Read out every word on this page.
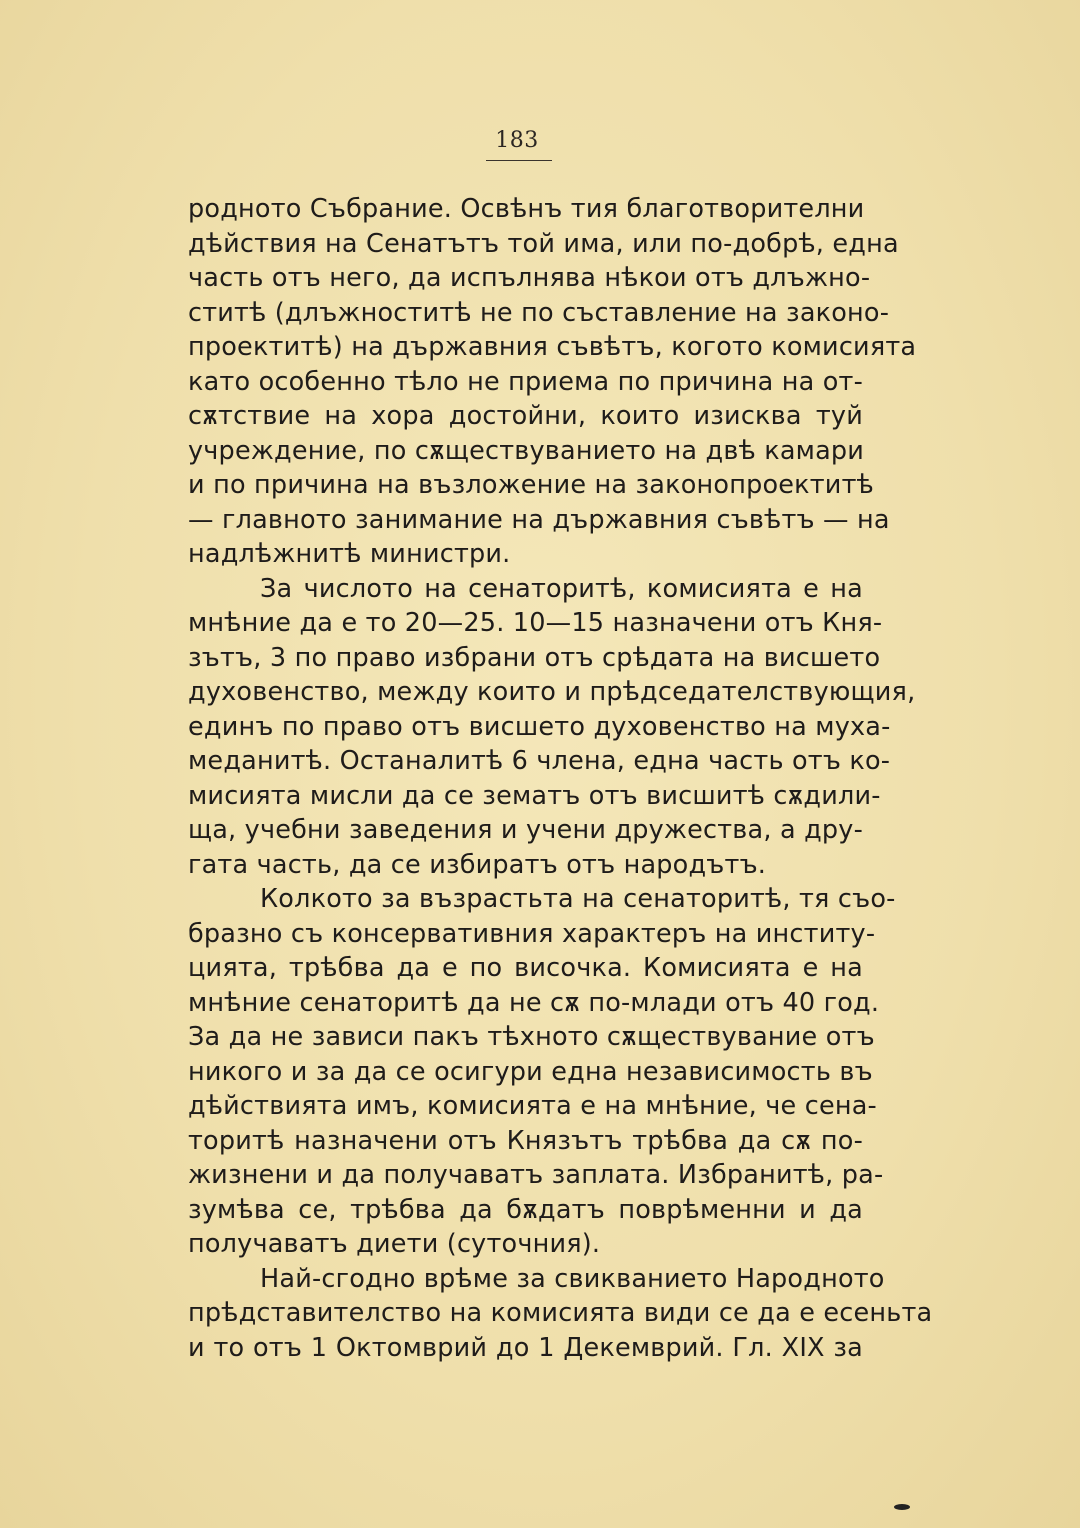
183
родното Събрание. Освѣнъ тия благотворителни
дѣйствия на Сенатътъ той има, или по-добрѣ, една
часть отъ него, да испълнява нѣкои отъ длъжно-
ститѣ (длъжноститѣ не по съставление на законо-
проектитѣ) на държавния съвѣтъ, когото комисията
като особенно тѣло не приема по причина на от-
сѫтствие на хора достойни, които изисква туй
учреждение, по сѫществуванието на двѣ камари
и по причина на възложение на законопроектитѣ
— главното занимание на държавния съвѣтъ — на
надлѣжнитѣ министри.
За числото на сенаторитѣ, комисията е на
мнѣние да е то 20—25. 10—15 назначени отъ Кня-
зътъ, 3 по право избрани отъ срѣдата на висшето
духовенство, между които и прѣдседателствующия,
единъ по право отъ висшето духовенство на муха-
меданитѣ. Останалитѣ 6 члена, една часть отъ ко-
мисията мисли да се зематъ отъ висшитѣ сѫдили-
ща, учебни заведения и учени дружества, а дру-
гата часть, да се избиратъ отъ народътъ.
Колкото за възрастьта на сенаторитѣ, тя съо-
бразно съ консервативния характеръ на институ-
цията, трѣбва да е по височка. Комисията е на
мнѣние сенаторитѣ да не сѫ по-млади отъ 40 год.
За да не зависи пакъ тѣхното сѫществувание отъ
никого и за да се осигури една независимость въ
дѣйствията имъ, комисията е на мнѣние, че сена-
торитѣ назначени отъ Князътъ трѣбва да сѫ по-
жизнени и да получаватъ заплата. Избранитѣ, ра-
зумѣва се, трѣбва да бѫдатъ поврѣменни и да
получаватъ диети (суточния).
Най-сгодно врѣме за свикванието Народното
прѣдставителство на комисията види се да е есеньта
и то отъ 1 Октомврий до 1 Декемврий. Гл. XIX за
